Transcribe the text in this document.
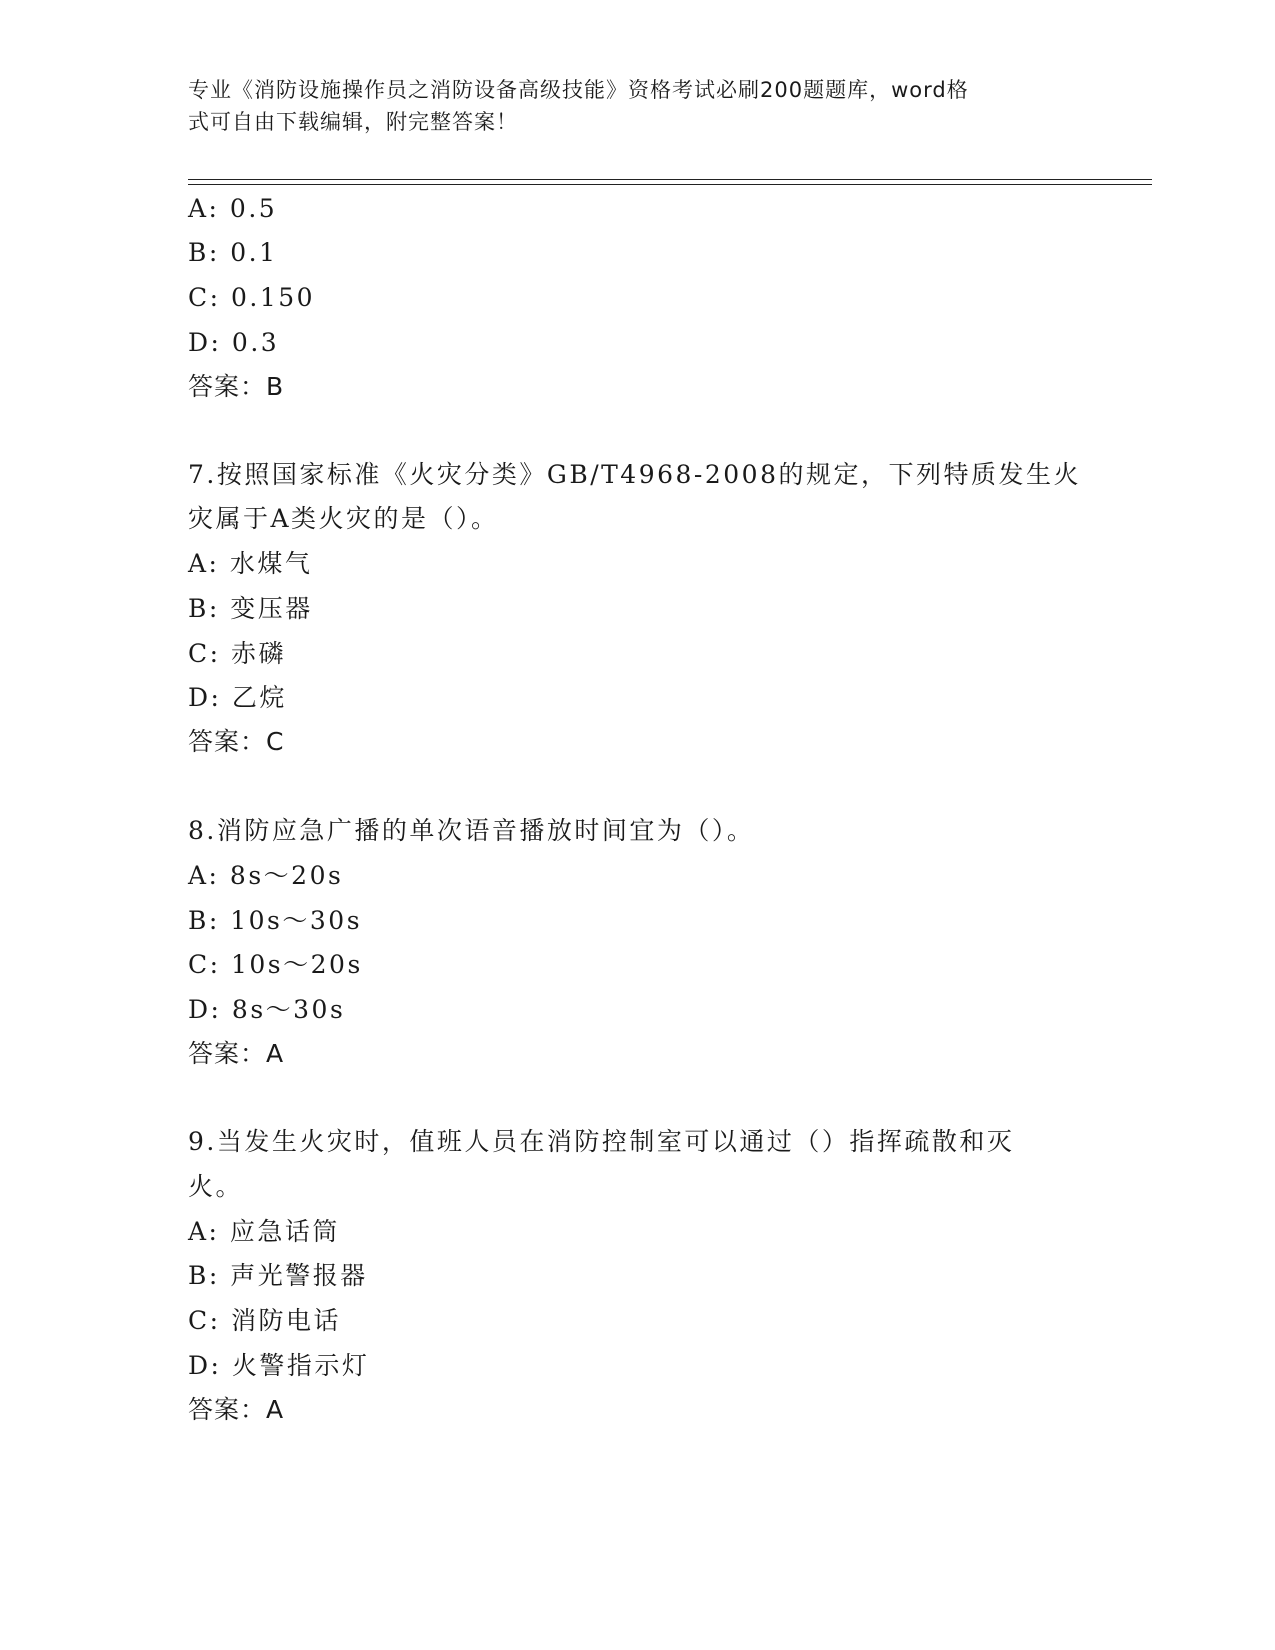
专业《消防设施操作员之消防设备高级技能》资格考试必刷200题题库，word格
式可自由下载编辑，附完整答案！
A: 0.5
B: 0.1
C: 0.150
D: 0.3
答案：B
7.按照国家标准《火灾分类》GB/T4968-2008的规定，下列特质发生火
灾属于A类火灾的是（）。
A: 水煤气
B: 变压器
C: 赤磷
D: 乙烷
答案：C
8.消防应急广播的单次语音播放时间宜为（）。
A: 8s～20s
B: 10s～30s
C: 10s～20s
D: 8s～30s
答案：A
9.当发生火灾时，值班人员在消防控制室可以通过（）指挥疏散和灭
火。
A: 应急话筒
B: 声光警报器
C: 消防电话
D: 火警指示灯
答案：A
